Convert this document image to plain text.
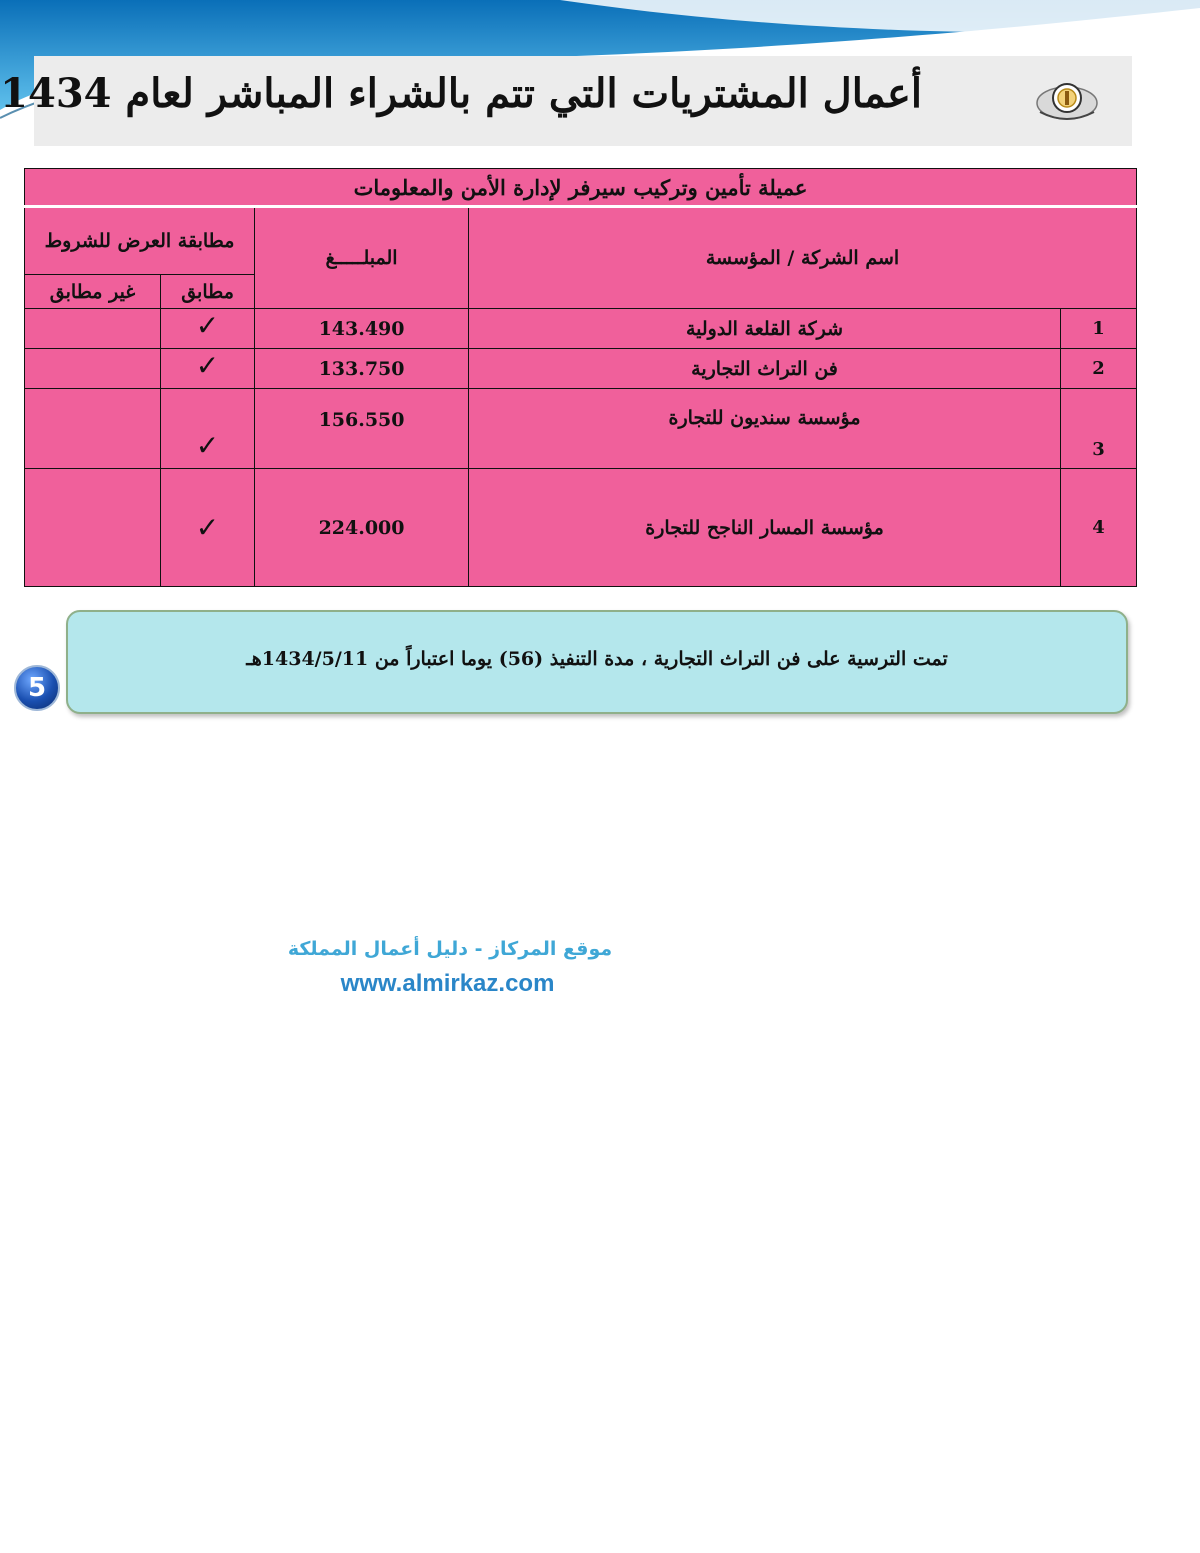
أعمال المشتريات التي تتم بالشراء المباشر لعام 1434
عميلة تأمين وتركيب سيرفر لإدارة الأمن والمعلومات				
اسم الشركة / المؤسسة		المبلـــــغ	مطابقة العرض للشروط	
			مطابق	غير مطابق
1	شركة القلعة الدولية	143.490	✓	
2	فن التراث التجارية	133.750	✓	
3	مؤسسة سنديون للتجارة	156.550	✓	
4	مؤسسة المسار الناجح للتجارة	224.000	✓	
تمت الترسية على فن التراث التجارية ، مدة التنفيذ (56) يوما اعتباراً من 1434/5/11هـ
5
موقع المركاز - دليل أعمال المملكة
www.almirkaz.com
